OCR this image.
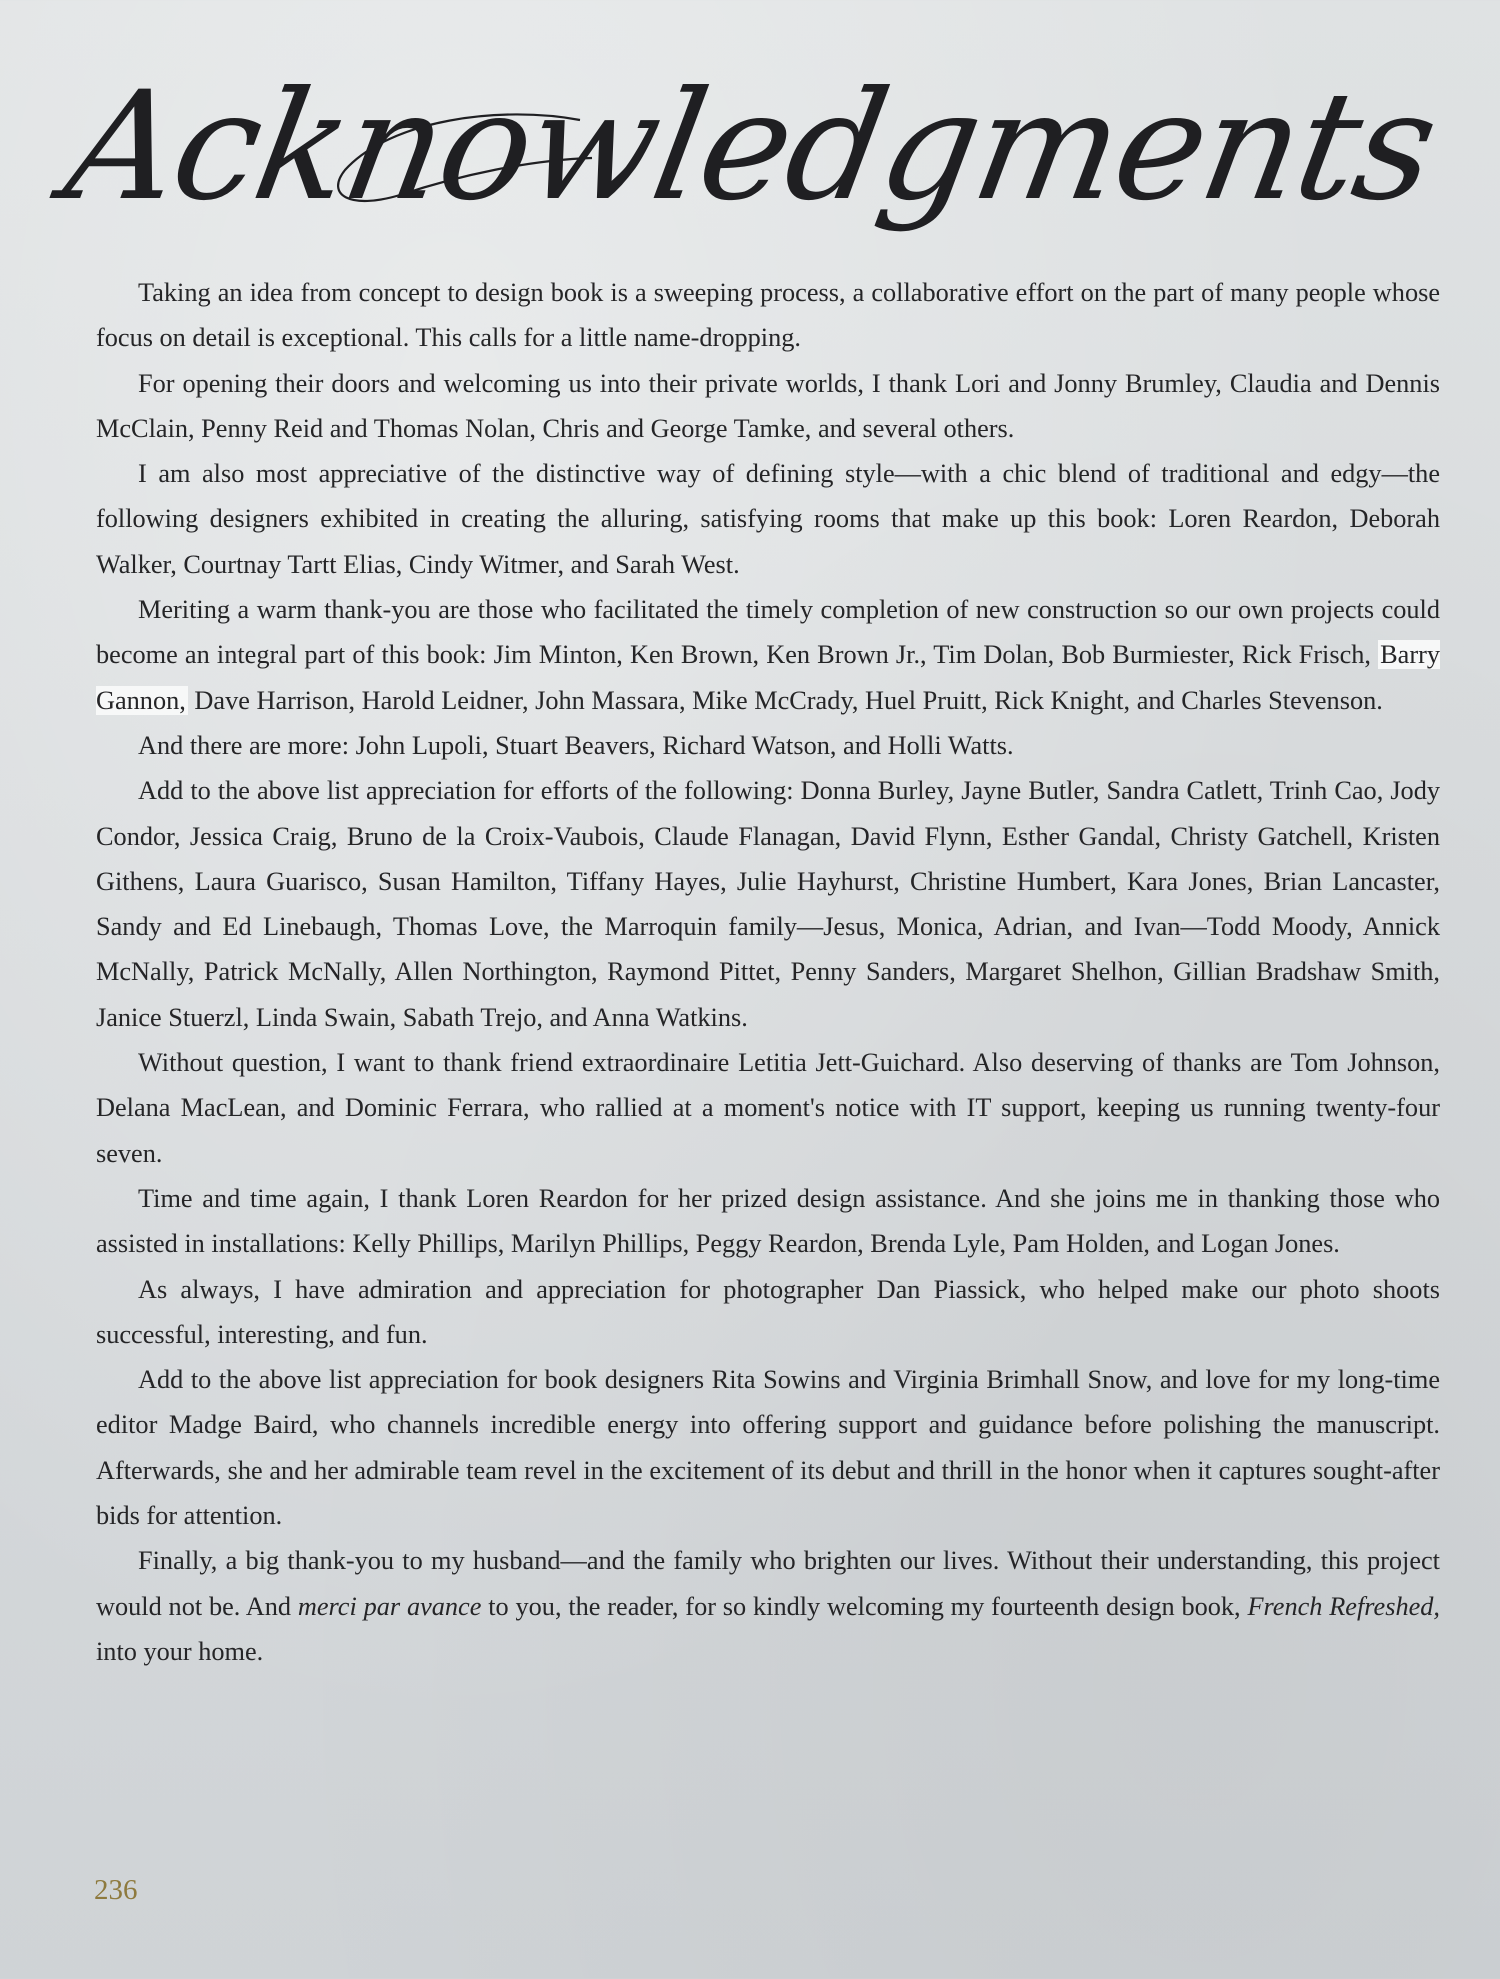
Acknowledgments

Taking an idea from concept to design book is a sweeping process, a collaborative effort on the part of many people whose focus on detail is exceptional. This calls for a little name-dropping.

For opening their doors and welcoming us into their private worlds, I thank Lori and Jonny Brumley, Claudia and Dennis McClain, Penny Reid and Thomas Nolan, Chris and George Tamke, and several others.

I am also most appreciative of the distinctive way of defining style—with a chic blend of traditional and edgy—the following designers exhibited in creating the alluring, satisfying rooms that make up this book: Loren Reardon, Deborah Walker, Courtnay Tartt Elias, Cindy Witmer, and Sarah West.

Meriting a warm thank-you are those who facilitated the timely completion of new construction so our own projects could become an integral part of this book: Jim Minton, Ken Brown, Ken Brown Jr., Tim Dolan, Bob Burmiester, Rick Frisch, Barry Gannon, Dave Harrison, Harold Leidner, John Massara, Mike McCrady, Huel Pruitt, Rick Knight, and Charles Stevenson.

And there are more: John Lupoli, Stuart Beavers, Richard Watson, and Holli Watts.

Add to the above list appreciation for efforts of the following: Donna Burley, Jayne Butler, Sandra Catlett, Trinh Cao, Jody Condor, Jessica Craig, Bruno de la Croix-Vaubois, Claude Flanagan, David Flynn, Esther Gandal, Christy Gatchell, Kristen Githens, Laura Guarisco, Susan Hamilton, Tiffany Hayes, Julie Hayhurst, Christine Humbert, Kara Jones, Brian Lancaster, Sandy and Ed Linebaugh, Thomas Love, the Marroquin family—Jesus, Monica, Adrian, and Ivan—Todd Moody, Annick McNally, Patrick McNally, Allen Northington, Raymond Pittet, Penny Sanders, Margaret Shelhon, Gillian Bradshaw Smith, Janice Stuerzl, Linda Swain, Sabath Trejo, and Anna Watkins.

Without question, I want to thank friend extraordinaire Letitia Jett-Guichard. Also deserving of thanks are Tom Johnson, Delana MacLean, and Dominic Ferrara, who rallied at a moment's notice with IT support, keeping us running twenty-four seven.

Time and time again, I thank Loren Reardon for her prized design assistance. And she joins me in thanking those who assisted in installations: Kelly Phillips, Marilyn Phillips, Peggy Reardon, Brenda Lyle, Pam Holden, and Logan Jones.

As always, I have admiration and appreciation for photographer Dan Piassick, who helped make our photo shoots successful, interesting, and fun.

Add to the above list appreciation for book designers Rita Sowins and Virginia Brimhall Snow, and love for my long-time editor Madge Baird, who channels incredible energy into offering support and guidance before polishing the manuscript. Afterwards, she and her admirable team revel in the excitement of its debut and thrill in the honor when it captures sought-after bids for attention.

Finally, a big thank-you to my husband—and the family who brighten our lives. Without their understanding, this project would not be. And merci par avance to you, the reader, for so kindly welcoming my fourteenth design book, French Refreshed, into your home.

236
